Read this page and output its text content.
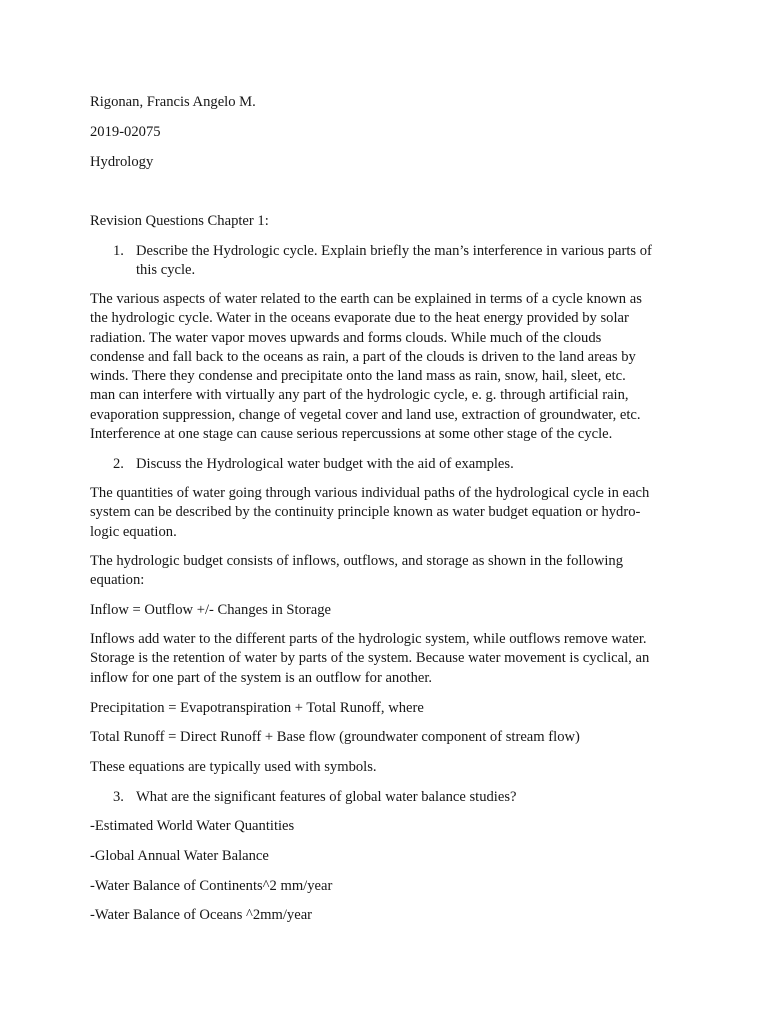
Rigonan, Francis Angelo M.
2019-02075
Hydrology
Revision Questions Chapter 1:
1. Describe the Hydrologic cycle. Explain briefly the man’s interference in various parts of
this cycle.
The various aspects of water related to the earth can be explained in terms of a cycle known as
the hydrologic cycle. Water in the oceans evaporate due to the heat energy provided by solar
radiation. The water vapor moves upwards and forms clouds. While much of the clouds
condense and fall back to the oceans as rain, a part of the clouds is driven to the land areas by
winds. There they condense and precipitate onto the land mass as rain, snow, hail, sleet, etc.
man can interfere with virtually any part of the hydrologic cycle, e. g. through artificial rain,
evaporation suppression, change of vegetal cover and land use, extraction of groundwater, etc.
Interference at one stage can cause serious repercussions at some other stage of the cycle.
2. Discuss the Hydrological water budget with the aid of examples.
The quantities of water going through various individual paths of the hydrological cycle in each
system can be described by the continuity principle known as water budget equation or hydro-
logic equation.
The hydrologic budget consists of inflows, outflows, and storage as shown in the following
equation:
Inflow = Outflow +/- Changes in Storage
Inflows add water to the different parts of the hydrologic system, while outflows remove water.
Storage is the retention of water by parts of the system. Because water movement is cyclical, an
inflow for one part of the system is an outflow for another.
Precipitation = Evapotranspiration + Total Runoff, where
Total Runoff = Direct Runoff + Base flow (groundwater component of stream flow)
These equations are typically used with symbols.
3. What are the significant features of global water balance studies?
-Estimated World Water Quantities
-Global Annual Water Balance
-Water Balance of Continents^2 mm/year
-Water Balance of Oceans ^2mm/year
